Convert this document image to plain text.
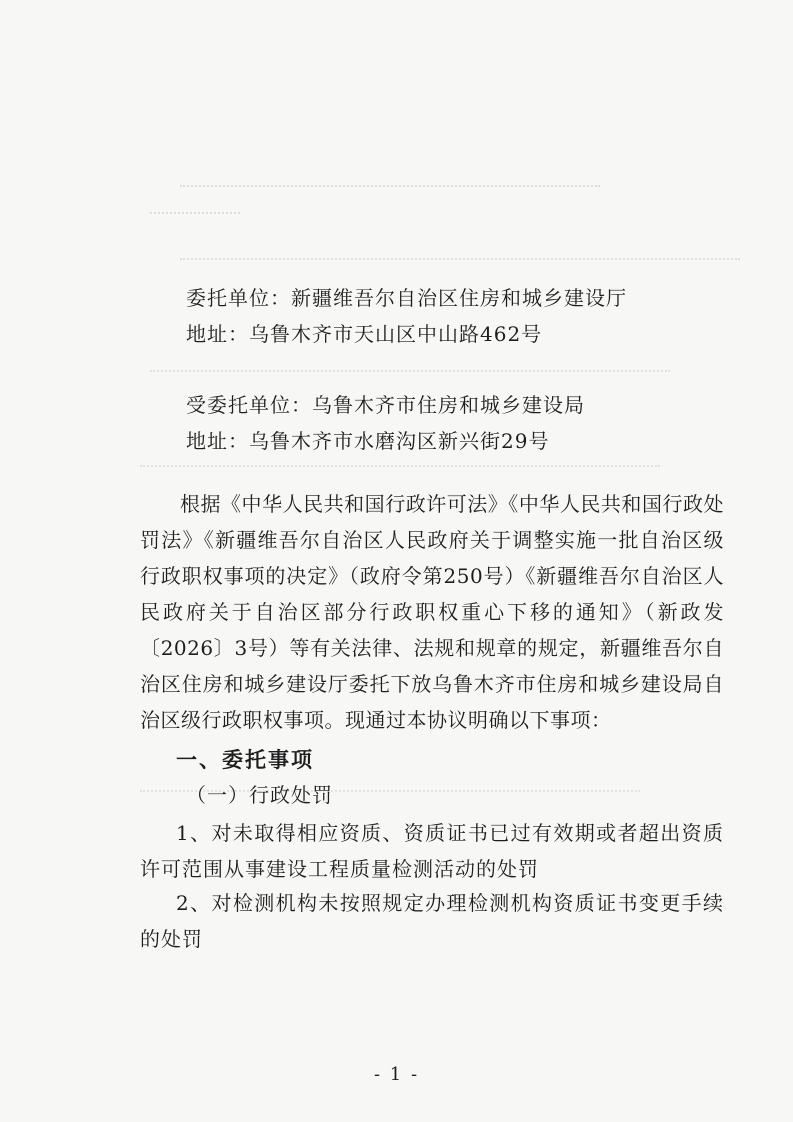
委托单位：新疆维吾尔自治区住房和城乡建设厅
地址：乌鲁木齐市天山区中山路462号
受委托单位：乌鲁木齐市住房和城乡建设局
地址：乌鲁木齐市水磨沟区新兴街29号
根据《中华人民共和国行政许可法》《中华人民共和国行政处罚法》《新疆维吾尔自治区人民政府关于调整实施一批自治区级行政职权事项的决定》（政府令第250号）《新疆维吾尔自治区人民政府关于自治区部分行政职权重心下移的通知》（新政发〔2026〕3号）等有关法律、法规和规章的规定，新疆维吾尔自治区住房和城乡建设厅委托下放乌鲁木齐市住房和城乡建设局自治区级行政职权事项。现通过本协议明确以下事项：
一、委托事项
（一）行政处罚
1、对未取得相应资质、资质证书已过有效期或者超出资质许可范围从事建设工程质量检测活动的处罚
2、对检测机构未按照规定办理检测机构资质证书变更手续的处罚
- 1 -
